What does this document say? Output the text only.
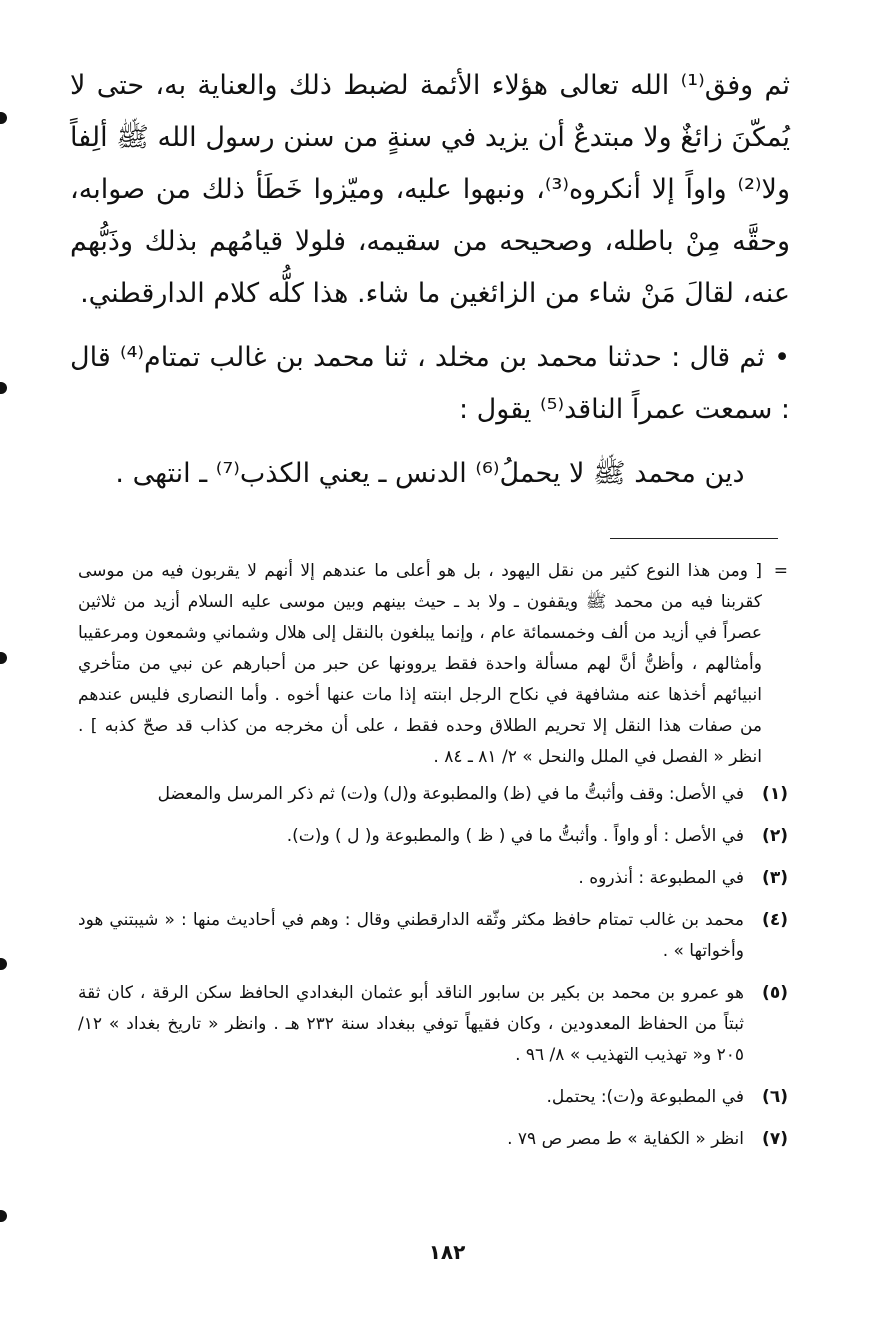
ثم وفق⁽¹⁾ الله تعالى هؤلاء الأئمة لضبط ذلك والعناية به، حتى لا يُمكّنَ زائغٌ ولا مبتدعٌ أن يزيد في سنةٍ من سنن رسول الله ﷺ ألِفاً ولا⁽²⁾ واواً إلا أنكروه⁽³⁾، ونبهوا عليه، وميّزوا خَطَأ ذلك من صوابه، وحقَّه مِنْ باطله، وصحيحه من سقيمه، فلولا قيامُهم بذلك وذَبُّهم عنه، لقالَ مَنْ شاء من الزائغين ما شاء. هذا كلُّه كلام الدارقطني.

• ثم قال : حدثنا محمد بن مخلد ، ثنا محمد بن غالب تمتام⁽⁴⁾ قال : سمعت عمراً الناقد⁽⁵⁾ يقول :

دين محمد ﷺ لا يحملُ⁽⁶⁾ الدنس ـ يعني الكذب⁽⁷⁾ ـ انتهى .

=
[ ومن هذا النوع كثير من نقل اليهود ، بل هو أعلى ما عندهم إلا أنهم لا يقربون فيه من موسى كقربنا فيه من محمد ﷺ ويقفون ـ ولا بد ـ حيث بينهم وبين موسى عليه السلام أزيد من ثلاثين عصراً في أزيد من ألف وخمسمائة عام ، وإنما يبلغون بالنقل إلى هلال وشماني وشمعون ومرعقيبا وأمثالهم ، وأظنُّ أنَّ لهم مسألة واحدة فقط يروونها عن حبر من أحبارهم عن نبي من متأخري انبيائهم أخذها عنه مشافهة في نكاح الرجل ابنته إذا مات عنها أخوه . وأما النصارى فليس عندهم من صفات هذا النقل إلا تحريم الطلاق وحده فقط ، على أن مخرجه من كذاب قد صحّ كذبه ] . انظر « الفصل في الملل والنحل » ٢/ ٨١ ـ ٨٤ .

(١)
في الأصل: وقف وأثبتُّ ما في (ظ) والمطبوعة و(ل) و(ت) ثم ذكر المرسل والمعضل
(٢)
في الأصل : أو واواً . وأثبتُّ ما في ( ظ ) والمطبوعة و( ل ) و(ت).
(٣)
في المطبوعة : أنذروه .
(٤)
محمد بن غالب تمتام حافظ مكثر وثّقه الدارقطني وقال : وهم في أحاديث منها : « شيبتني هود وأخواتها » .
(٥)
هو عمرو بن محمد بن بكير بن سابور الناقد أبو عثمان البغدادي الحافظ سكن الرقة ، كان ثقة ثبتاً من الحفاظ المعدودين ، وكان فقيهاً توفي ببغداد سنة ٢٣٢ هـ . وانظر « تاريخ بغداد » ١٢/ ٢٠٥ و« تهذيب التهذيب » ٨/ ٩٦ .
(٦)
في المطبوعة و(ت): يحتمل.
(٧)
انظر « الكفاية » ط مصر ص ٧٩ .
١٨٢
